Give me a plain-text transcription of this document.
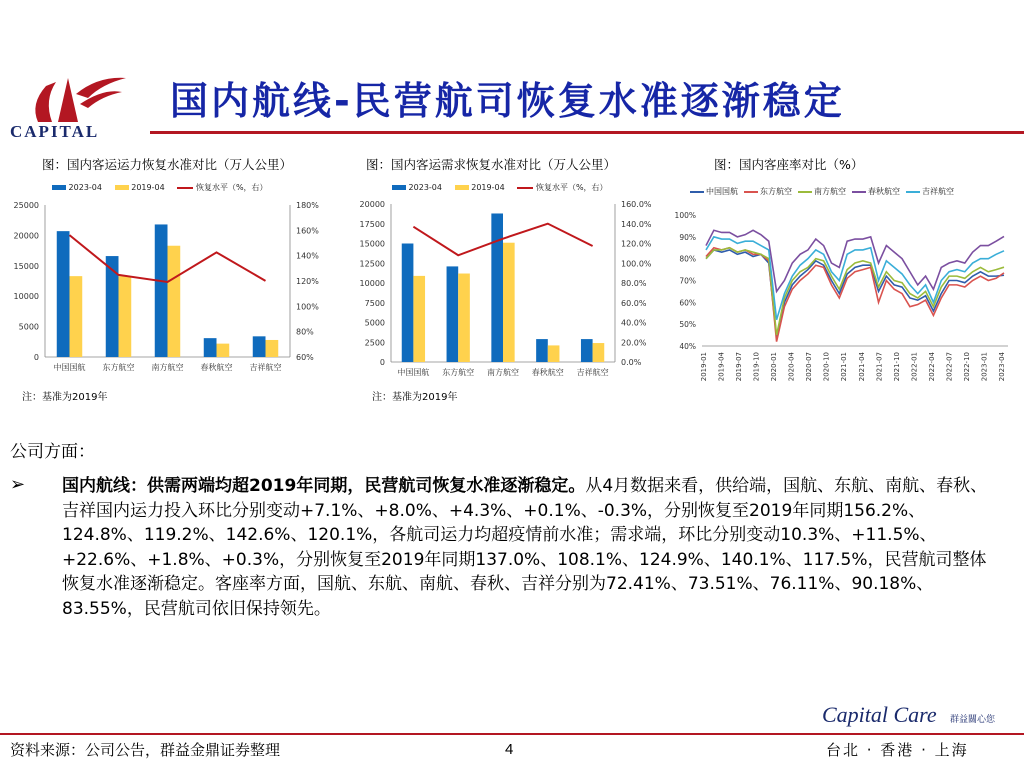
CAPITAL
国内航线-民营航司恢复水准逐渐稳定
图：国内客运运力恢复水准对比（万人公里）	图：国内客运需求恢复水准对比（万人公里）	图：国内客座率对比（%）
2023-04	2019-04	恢复水平（%，右）	2023-04	2019-04	恢复水平（%，右）	中国国航	东方航空	南方航空	春秋航空	吉祥航空
25000
20000
15000
10000
5000
0
180%
160%
140%
120%
100%
80%
60%
中国国航 东方航空 南方航空 春秋航空 吉祥航空
20000
17500
15000
12500
10000
7500
5000
2500
0
160.0%
140.0%
120.0%
100.0%
80.0%
60.0%
40.0%
20.0%
0.0%
中国国航 东方航空 南方航空 春秋航空 吉祥航空
100%
90%
80%
70%
60%
50%
40%
2019-01 2019-04 2019-07 2019-10 2020-01 2020-04 2020-07 2020-10 2021-01 2021-04 2021-07 2021-10 2022-01 2022-04 2022-07 2022-10 2023-01 2023-04
注：基准为2019年	注：基准为2019年
公司方面：
➢ 国内航线：供需两端均超2019年同期，民营航司恢复水准逐渐稳定。从4月数据来看，供给端，国航、东航、南航、春秋、吉祥国内运力投入环比分别变动+7.1%、+8.0%、+4.3%、+0.1%、-0.3%，分别恢复至2019年同期156.2%、124.8%、119.2%、142.6%、120.1%，各航司运力均超疫情前水准；需求端，环比分别变动10.3%、+11.5%、+22.6%、+1.8%、+0.3%，分别恢复至2019年同期137.0%、108.1%、124.9%、140.1%、117.5%，民营航司整体恢复水准逐渐稳定。客座率方面，国航、东航、南航、春秋、吉祥分别为72.41%、73.51%、76.11%、90.18%、83.55%，民营航司依旧保持领先。
Capital Care 群益關心您
资料来源：公司公告，群益金鼎证券整理	4	台北 · 香港 · 上海
